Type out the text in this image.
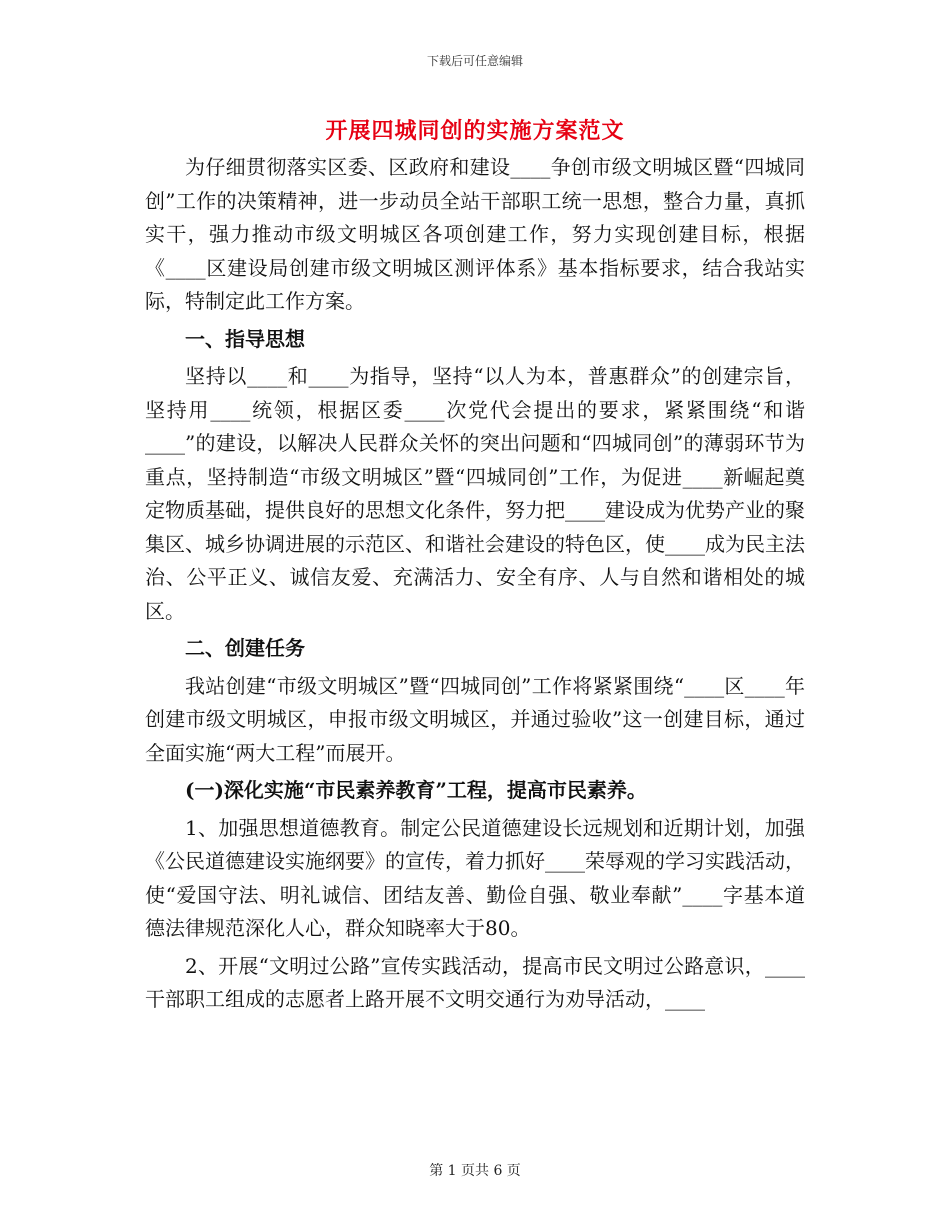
下载后可任意编辑
开展四城同创的实施方案范文

为仔细贯彻落实区委、区政府和建设____争创市级文明城区暨“四城同创”工作的决策精神，进一步动员全站干部职工统一思想，整合力量，真抓实干，强力推动市级文明城区各项创建工作，努力实现创建目标，根据《____区建设局创建市级文明城区测评体系》基本指标要求，结合我站实际，特制定此工作方案。

一、指导思想

坚持以____和____为指导，坚持“以人为本，普惠群众”的创建宗旨，坚持用____统领，根据区委____次党代会提出的要求，紧紧围绕“和谐____”的建设，以解决人民群众关怀的突出问题和“四城同创”的薄弱环节为重点，坚持制造“市级文明城区”暨“四城同创”工作，为促进____新崛起奠定物质基础，提供良好的思想文化条件，努力把____建设成为优势产业的聚集区、城乡协调进展的示范区、和谐社会建设的特色区，使____成为民主法治、公平正义、诚信友爱、充满活力、安全有序、人与自然和谐相处的城区。

二、创建任务

我站创建“市级文明城区”暨“四城同创”工作将紧紧围绕“____区____年创建市级文明城区，申报市级文明城区，并通过验收”这一创建目标，通过全面实施“两大工程”而展开。

(一)深化实施“市民素养教育”工程，提高市民素养。

1、加强思想道德教育。制定公民道德建设长远规划和近期计划，加强《公民道德建设实施纲要》的宣传，着力抓好____荣辱观的学习实践活动，使“爱国守法、明礼诚信、团结友善、勤俭自强、敬业奉献”____字基本道德法律规范深化人心，群众知晓率大于80。

2、开展“文明过公路”宣传实践活动，提高市民文明过公路意识，____干部职工组成的志愿者上路开展不文明交通行为劝导活动，____

第 1 页共 6 页
